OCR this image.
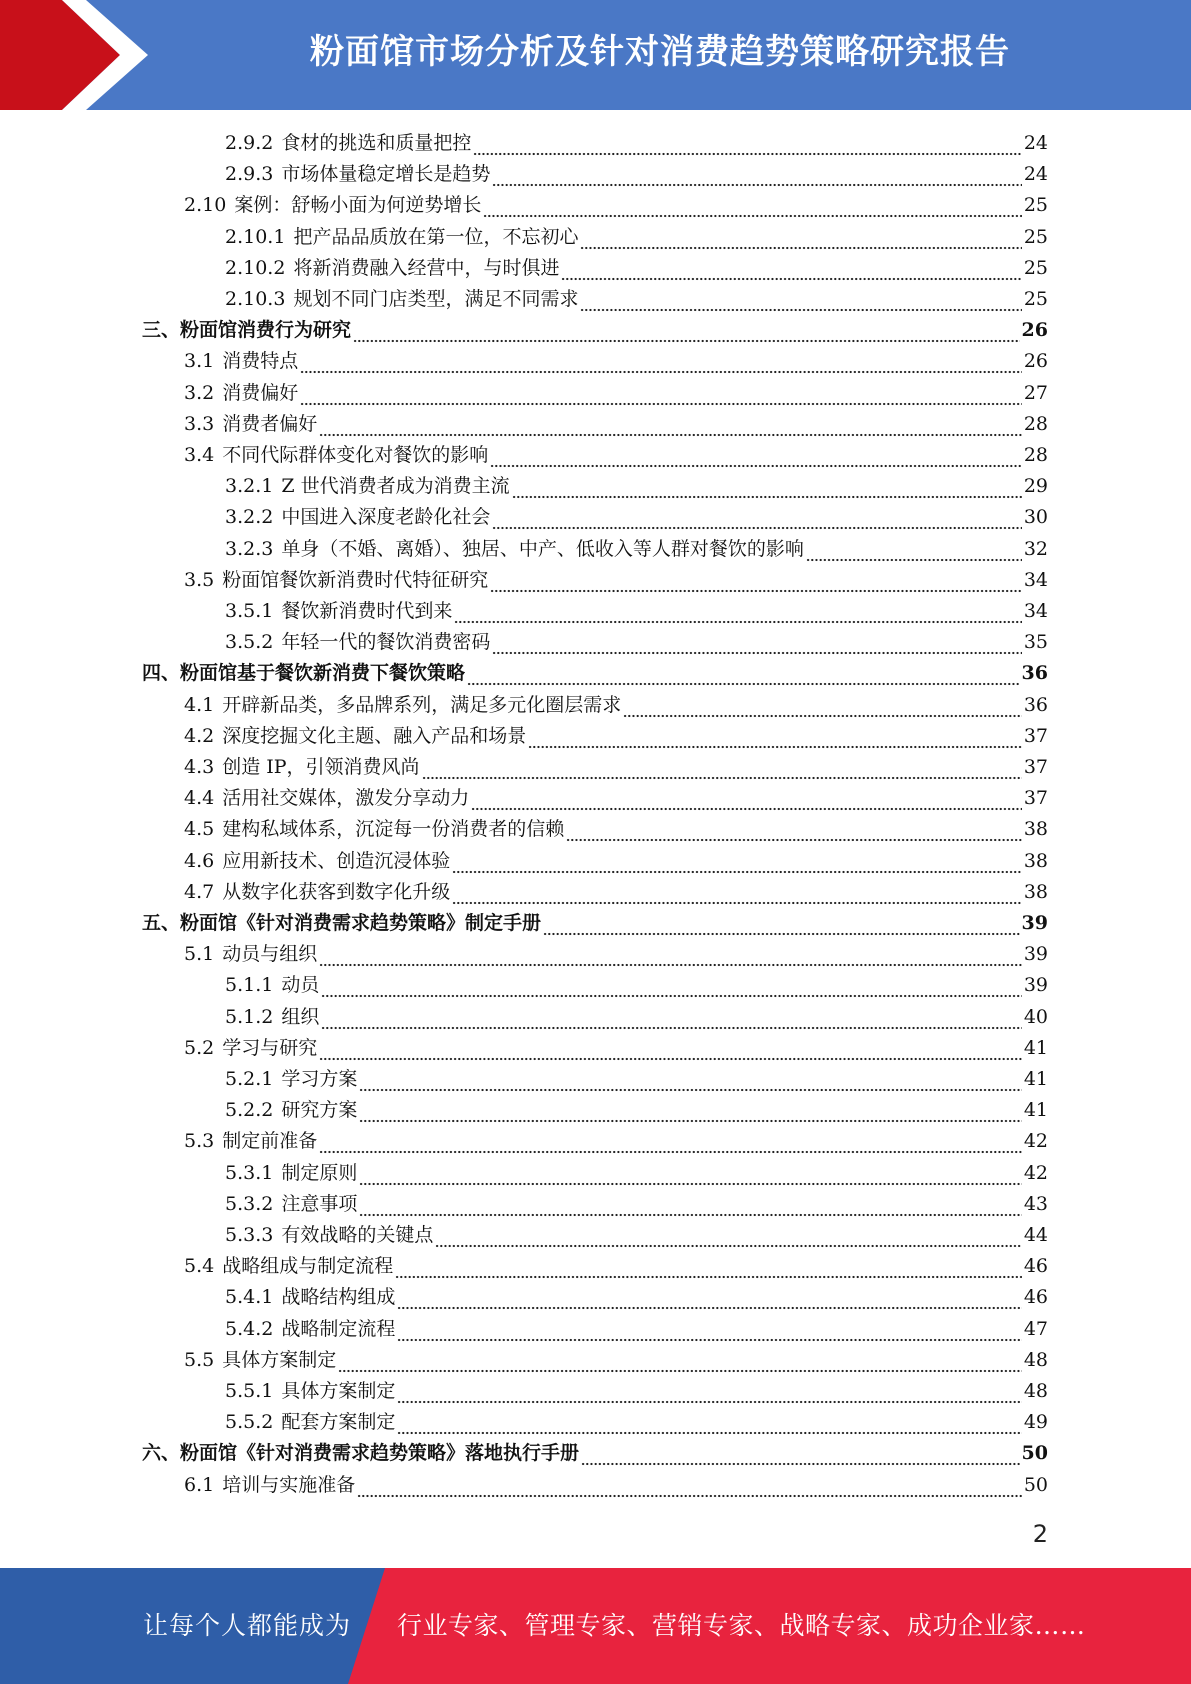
粉面馆市场分析及针对消费趋势策略研究报告
2.9.2 食材的挑选和质量把控	24
2.9.3 市场体量稳定增长是趋势	24
2.10 案例：舒畅小面为何逆势增长	25
2.10.1 把产品品质放在第一位，不忘初心	25
2.10.2 将新消费融入经营中，与时俱进	25
2.10.3 规划不同门店类型，满足不同需求	25
三、 粉面馆消费行为研究	26
3.1 消费特点	26
3.2 消费偏好	27
3.3 消费者偏好	28
3.4 不同代际群体变化对餐饮的影响	28
3.2.1 Z 世代消费者成为消费主流	29
3.2.2 中国进入深度老龄化社会	30
3.2.3 单身（不婚、离婚）、独居、中产、低收入等人群对餐饮的影响	32
3.5 粉面馆餐饮新消费时代特征研究	34
3.5.1 餐饮新消费时代到来	34
3.5.2 年轻一代的餐饮消费密码	35
四、 粉面馆基于餐饮新消费下餐饮策略	36
4.1 开辟新品类，多品牌系列，满足多元化圈层需求	36
4.2 深度挖掘文化主题、融入产品和场景	37
4.3 创造 IP，引领消费风尚	37
4.4 活用社交媒体，激发分享动力	37
4.5 建构私域体系，沉淀每一份消费者的信赖	38
4.6 应用新技术、创造沉浸体验	38
4.7 从数字化获客到数字化升级	38
五、 粉面馆《针对消费需求趋势策略》制定手册	39
5.1 动员与组织	39
5.1.1 动员	39
5.1.2 组织	40
5.2 学习与研究	41
5.2.1 学习方案	41
5.2.2 研究方案	41
5.3 制定前准备	42
5.3.1 制定原则	42
5.3.2 注意事项	43
5.3.3 有效战略的关键点	44
5.4 战略组成与制定流程	46
5.4.1 战略结构组成	46
5.4.2 战略制定流程	47
5.5 具体方案制定	48
5.5.1 具体方案制定	48
5.5.2 配套方案制定	49
六、 粉面馆《针对消费需求趋势策略》落地执行手册	50
6.1 培训与实施准备	50
2
让每个人都能成为 行业专家、管理专家、营销专家、战略专家、成功企业家……
